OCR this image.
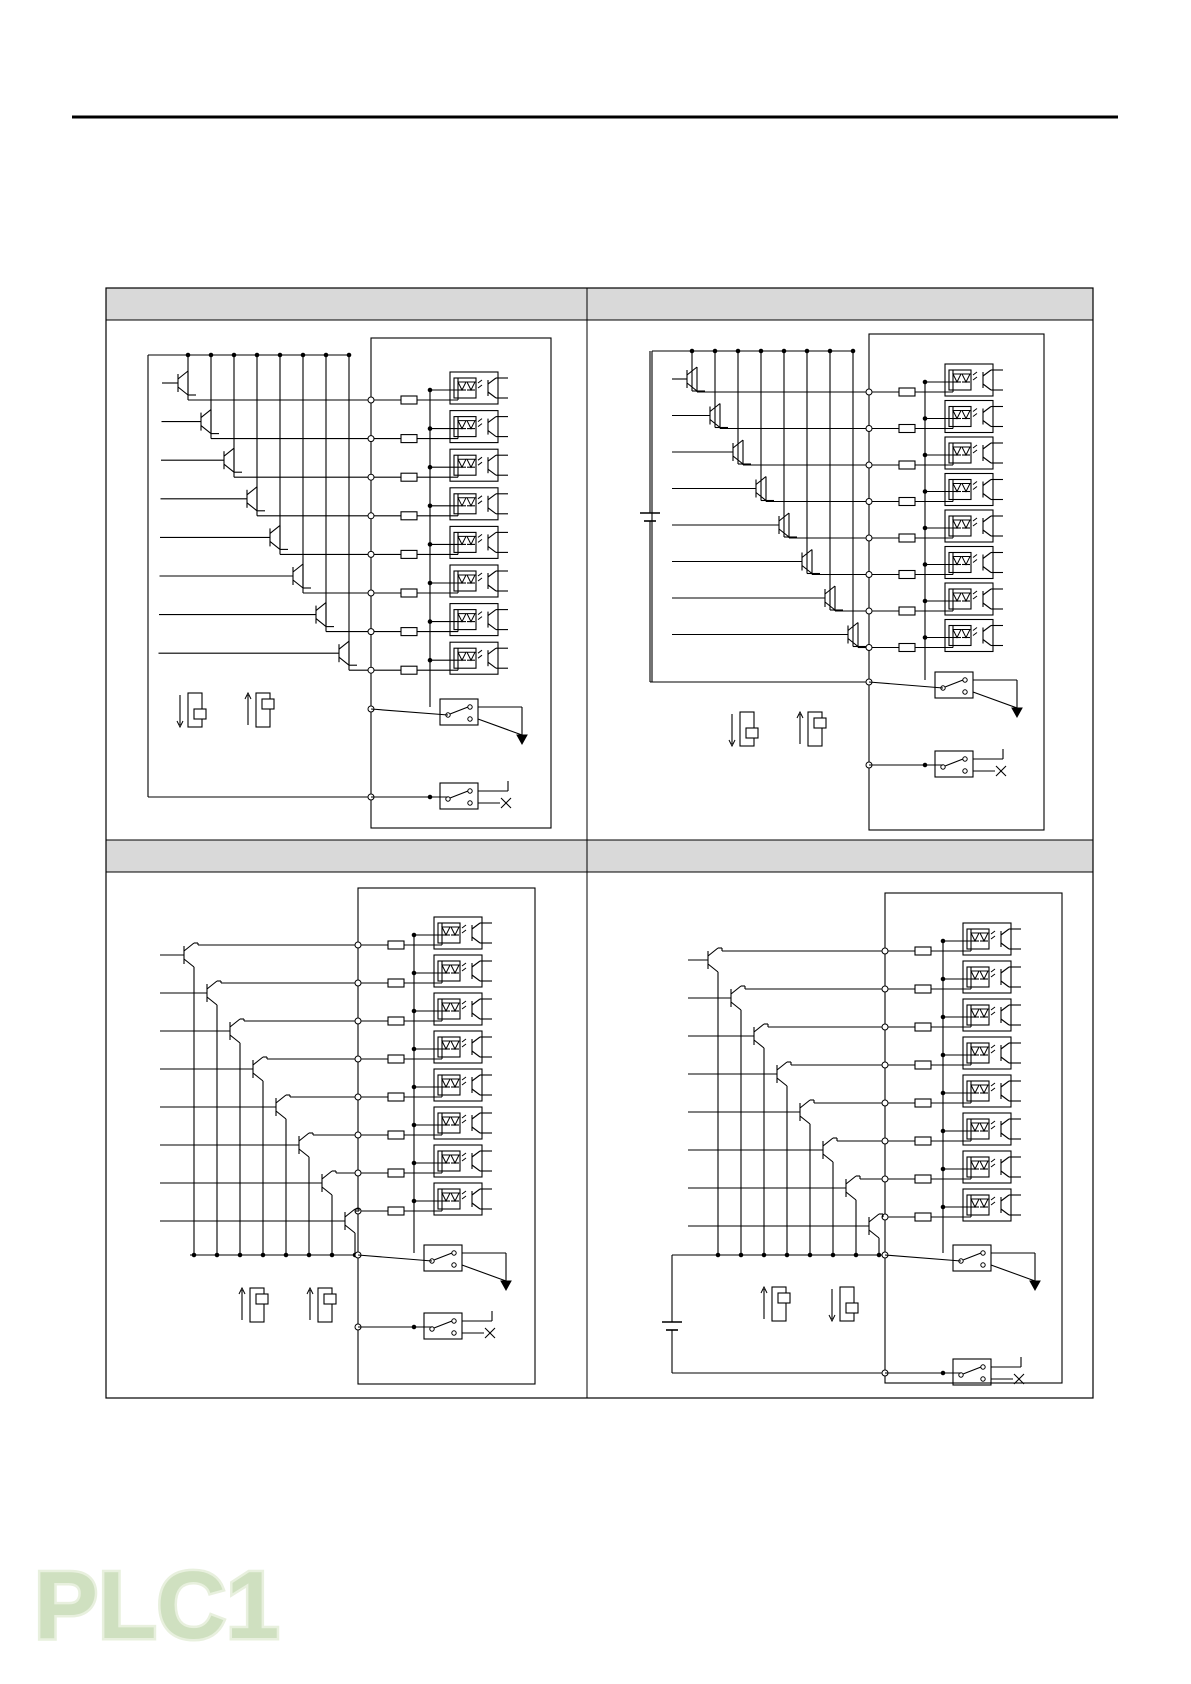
PLC1
